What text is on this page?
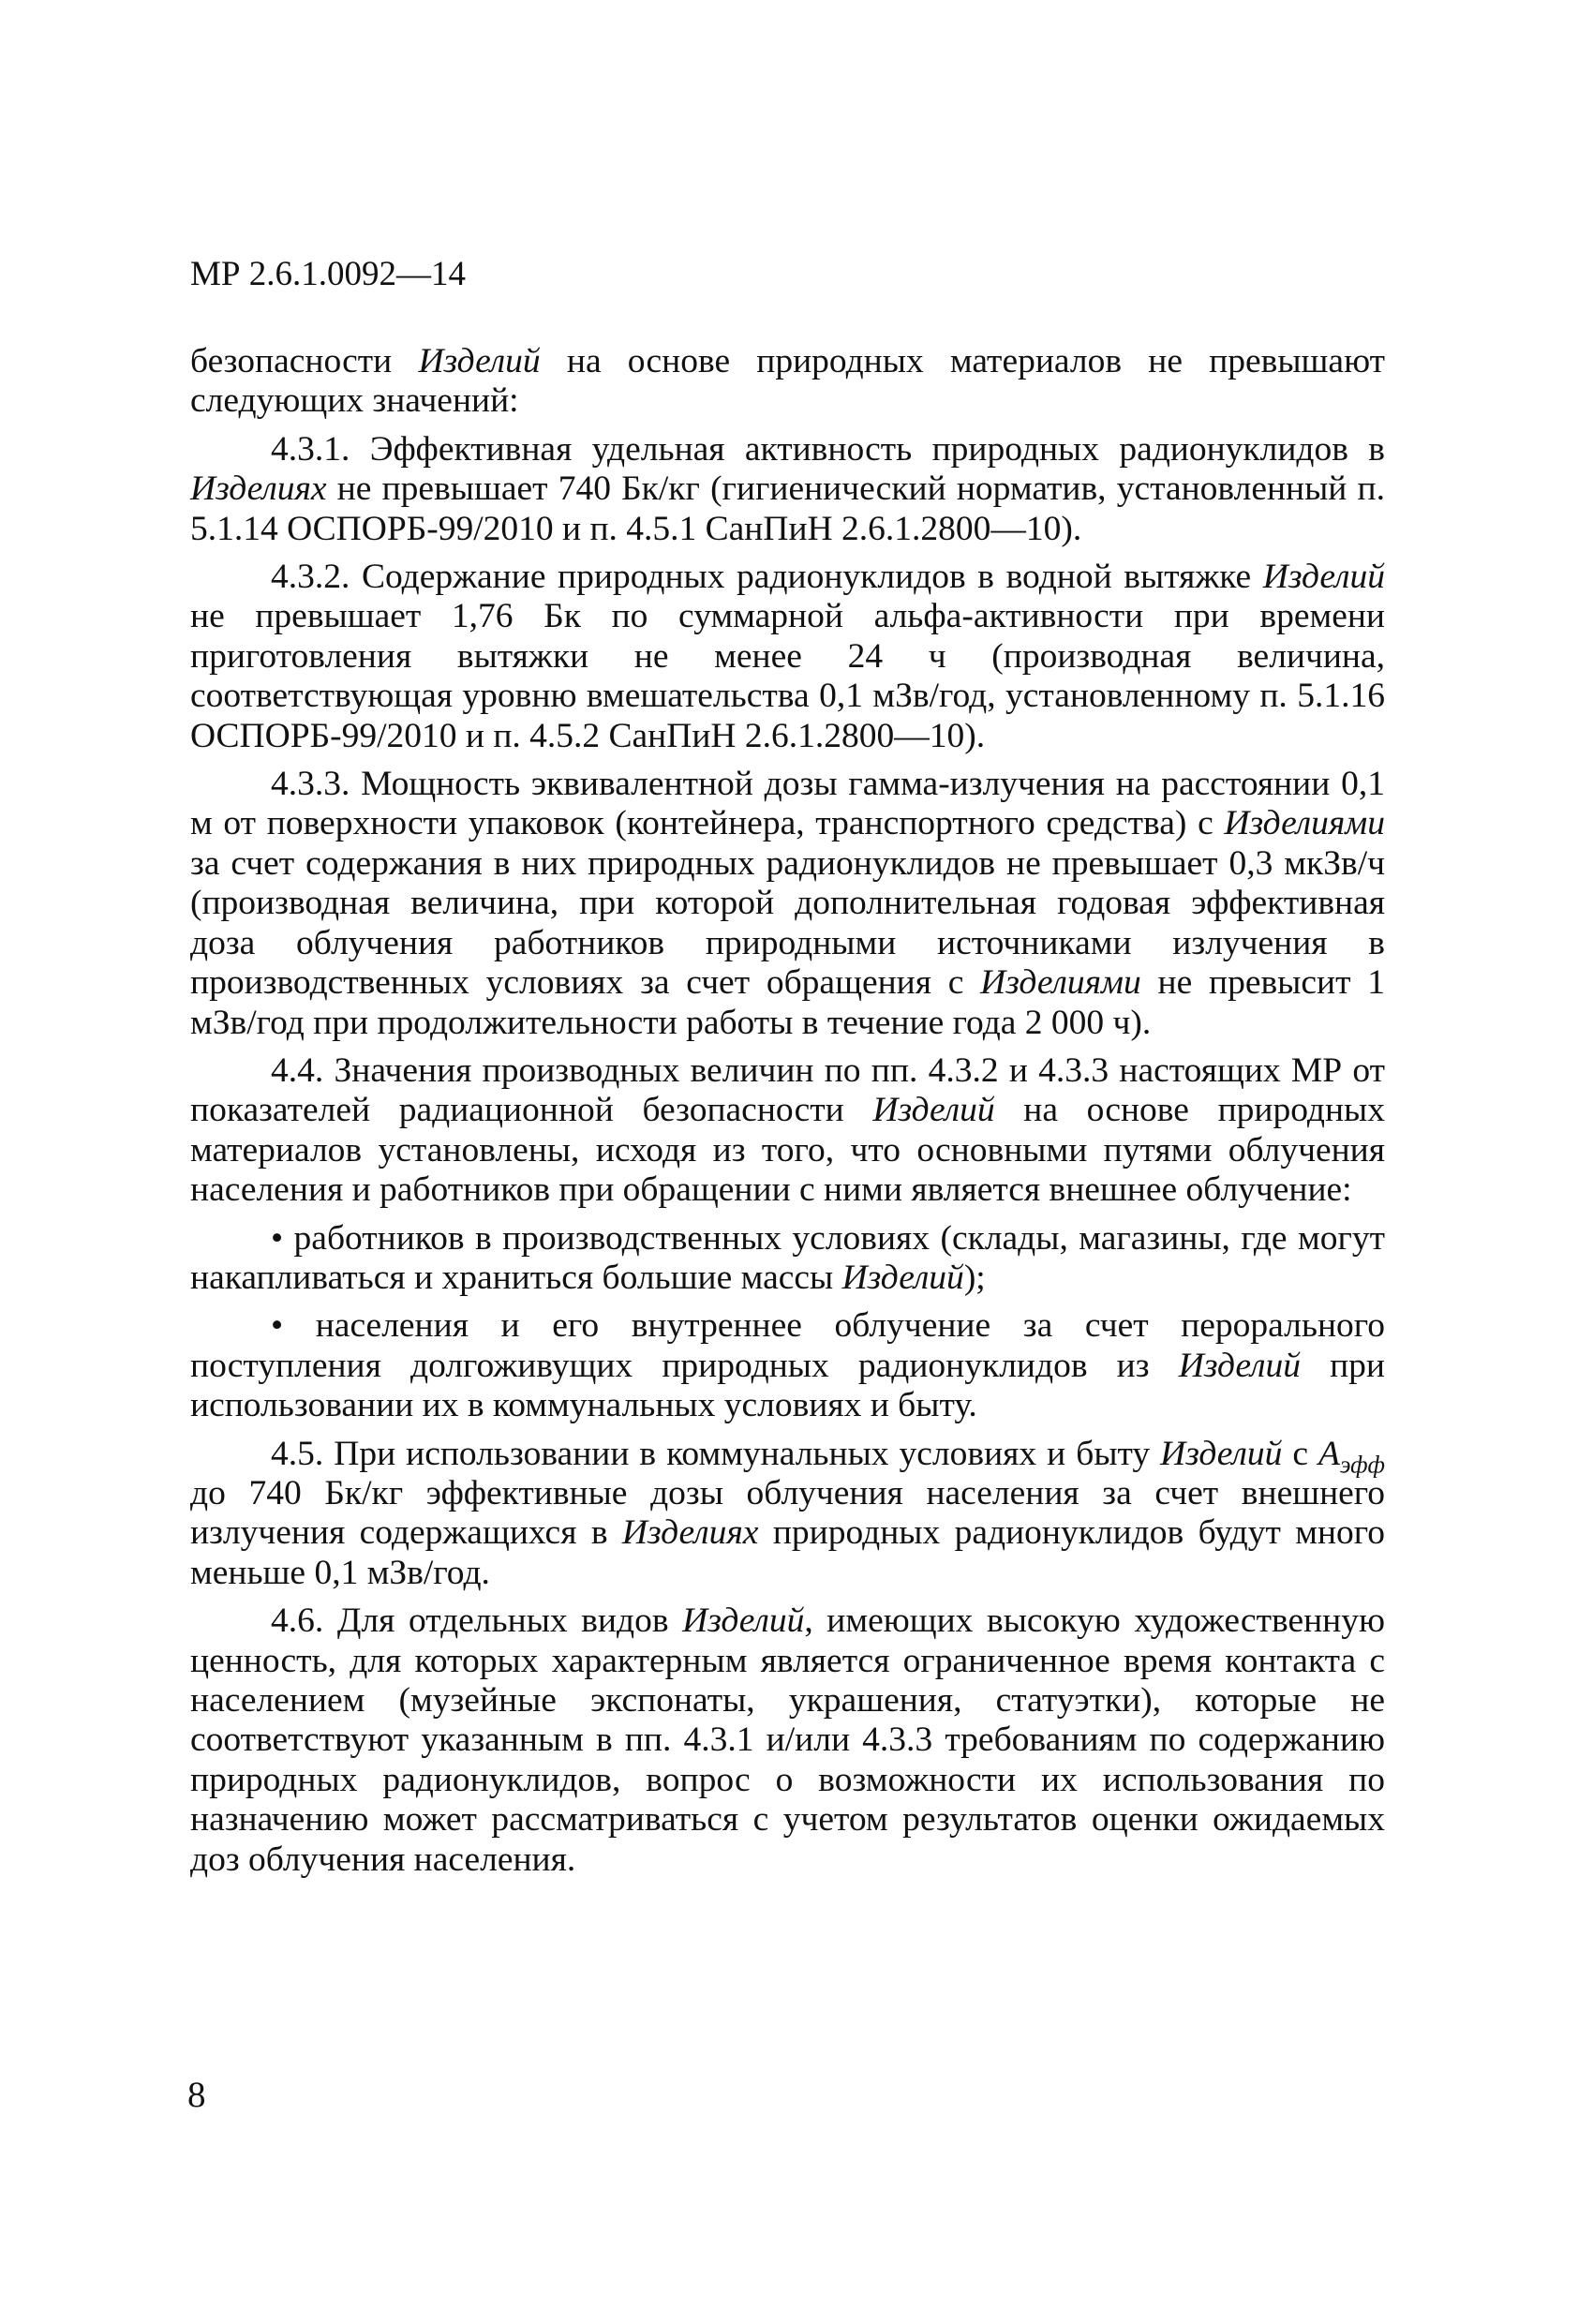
МР 2.6.1.0092—14

безопасности Изделий на основе природных материалов не превышают следующих значений:

4.3.1. Эффективная удельная активность природных радионуклидов в Изделиях не превышает 740 Бк/кг (гигиенический норматив, установленный п. 5.1.14 ОСПОРБ-99/2010 и п. 4.5.1 СанПиН 2.6.1.2800—10).

4.3.2. Содержание природных радионуклидов в водной вытяжке Изделий не превышает 1,76 Бк по суммарной альфа-активности при времени приготовления вытяжки не менее 24 ч (производная величина, соответствующая уровню вмешательства 0,1 мЗв/год, установленному п. 5.1.16 ОСПОРБ-99/2010 и п. 4.5.2 СанПиН 2.6.1.2800—10).

4.3.3. Мощность эквивалентной дозы гамма-излучения на расстоянии 0,1 м от поверхности упаковок (контейнера, транспортного средства) с Изделиями за счет содержания в них природных радионуклидов не превышает 0,3 мкЗв/ч (производная величина, при которой дополнительная годовая эффективная доза облучения работников природными источниками излучения в производственных условиях за счет обращения с Изделиями не превысит 1 мЗв/год при продолжительности работы в течение года 2 000 ч).

4.4. Значения производных величин по пп. 4.3.2 и 4.3.3 настоящих МР от показателей радиационной безопасности Изделий на основе природных материалов установлены, исходя из того, что основными путями облучения населения и работников при обращении с ними является внешнее облучение:

• работников в производственных условиях (склады, магазины, где могут накапливаться и храниться большие массы Изделий);

• населения и его внутреннее облучение за счет перорального поступления долгоживущих природных радионуклидов из Изделий при использовании их в коммунальных условиях и быту.

4.5. При использовании в коммунальных условиях и быту Изделий с $А_{эфф}$ до 740 Бк/кг эффективные дозы облучения населения за счет внешнего излучения содержащихся в Изделиях природных радионуклидов будут много меньше 0,1 мЗв/год.

4.6. Для отдельных видов Изделий, имеющих высокую художественную ценность, для которых характерным является ограниченное время контакта с населением (музейные экспонаты, украшения, статуэтки), которые не соответствуют указанным в пп. 4.3.1 и/или 4.3.3 требованиям по содержанию природных радионуклидов, вопрос о возможности их использования по назначению может рассматриваться с учетом результатов оценки ожидаемых доз облучения населения.

8
